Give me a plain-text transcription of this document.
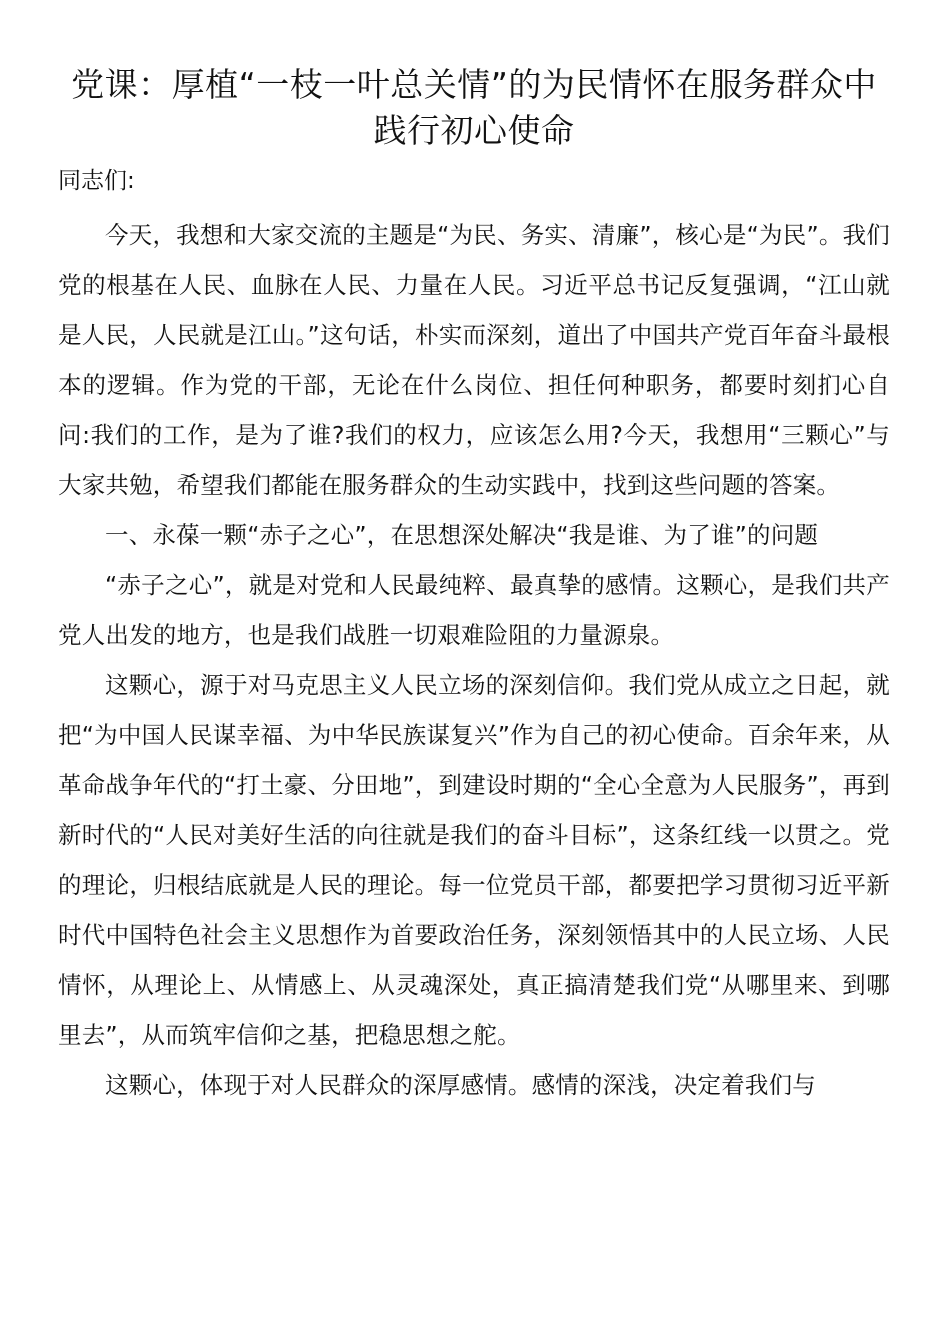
党课：厚植“一枝一叶总关情”的为民情怀在服务群众中践行初心使命

同志们:

今天，我想和大家交流的主题是“为民、务实、清廉”，核心是“为民”。我们党的根基在人民、血脉在人民、力量在人民。习近平总书记反复强调，“江山就是人民，人民就是江山。”这句话，朴实而深刻，道出了中国共产党百年奋斗最根本的逻辑。作为党的干部，无论在什么岗位、担任何种职务，都要时刻扪心自问:我们的工作，是为了谁?我们的权力，应该怎么用?今天，我想用“三颗心”与大家共勉，希望我们都能在服务群众的生动实践中，找到这些问题的答案。

一、永葆一颗“赤子之心”，在思想深处解决“我是谁、为了谁”的问题

“赤子之心”，就是对党和人民最纯粹、最真挚的感情。这颗心，是我们共产党人出发的地方，也是我们战胜一切艰难险阻的力量源泉。

这颗心，源于对马克思主义人民立场的深刻信仰。我们党从成立之日起，就把“为中国人民谋幸福、为中华民族谋复兴”作为自己的初心使命。百余年来，从革命战争年代的“打土豪、分田地”，到建设时期的“全心全意为人民服务”，再到新时代的“人民对美好生活的向往就是我们的奋斗目标”，这条红线一以贯之。党的理论，归根结底就是人民的理论。每一位党员干部，都要把学习贯彻习近平新时代中国特色社会主义思想作为首要政治任务，深刻领悟其中的人民立场、人民情怀，从理论上、从情感上、从灵魂深处，真正搞清楚我们党“从哪里来、到哪里去”，从而筑牢信仰之基，把稳思想之舵。

这颗心，体现于对人民群众的深厚感情。感情的深浅，决定着我们与
